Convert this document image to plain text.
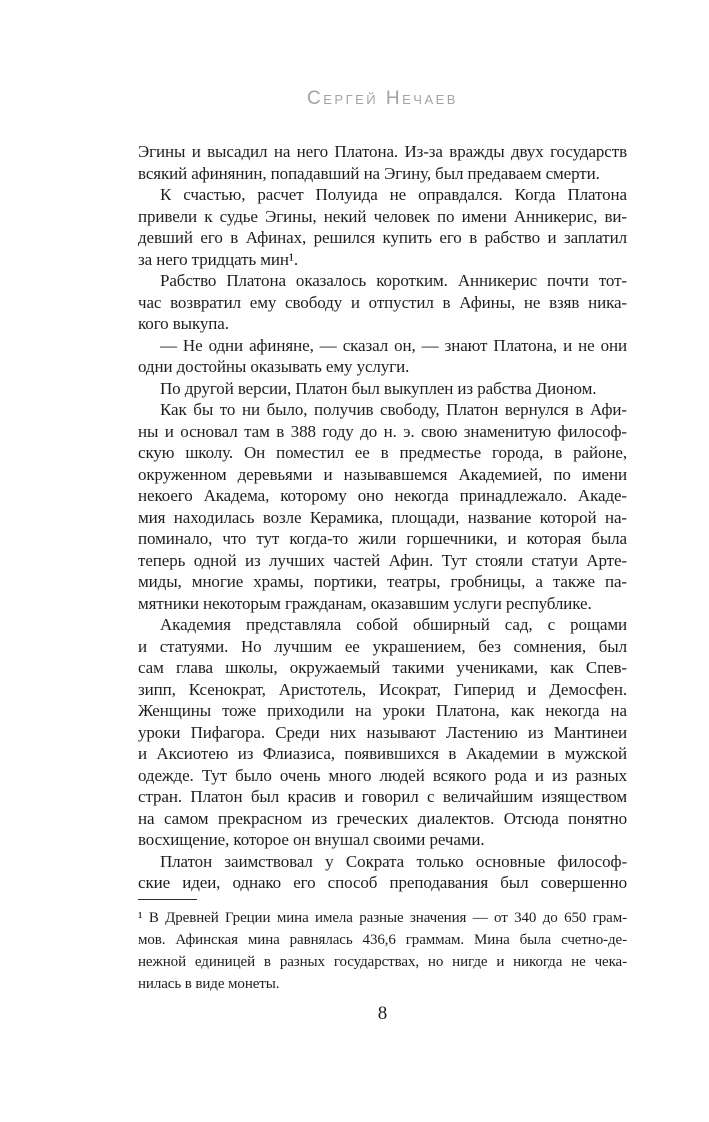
Сергей Нечаев
Эгины и высадил на него Платона. Из-за вражды двух государств
всякий афинянин, попадавший на Эгину, был предаваем смерти.
К счастью, расчет Полуида не оправдался. Когда Платона
привели к судье Эгины, некий человек по имени Анникерис, ви-
девший его в Афинах, решился купить его в рабство и заплатил
за него тридцать мин¹.
Рабство Платона оказалось коротким. Анникерис почти тот-
час возвратил ему свободу и отпустил в Афины, не взяв ника-
кого выкупа.
— Не одни афиняне, — сказал он, — знают Платона, и не они
одни достойны оказывать ему услуги.
По другой версии, Платон был выкуплен из рабства Дионом.
Как бы то ни было, получив свободу, Платон вернулся в Афи-
ны и основал там в 388 году до н. э. свою знаменитую философ-
скую школу. Он поместил ее в предместье города, в районе,
окруженном деревьями и называвшемся Академией, по имени
некоего Академа, которому оно некогда принадлежало. Акаде-
мия находилась возле Керамика, площади, название которой на-
поминало, что тут когда-то жили горшечники, и которая была
теперь одной из лучших частей Афин. Тут стояли статуи Арте-
миды, многие храмы, портики, театры, гробницы, а также па-
мятники некоторым гражданам, оказавшим услуги республике.
Академия представляла собой обширный сад, с рощами
и статуями. Но лучшим ее украшением, без сомнения, был
сам глава школы, окружаемый такими учениками, как Спев-
зипп, Ксенократ, Аристотель, Исократ, Гиперид и Демосфен.
Женщины тоже приходили на уроки Платона, как некогда на
уроки Пифагора. Среди них называют Ластению из Мантинеи
и Аксиотею из Флиазиса, появившихся в Академии в мужской
одежде. Тут было очень много людей всякого рода и из разных
стран. Платон был красив и говорил с величайшим изяществом
на самом прекрасном из греческих диалектов. Отсюда понятно
восхищение, которое он внушал своими речами.
Платон заимствовал у Сократа только основные философ-
ские идеи, однако его способ преподавания был совершенно
¹ В Древней Греции мина имела разные значения — от 340 до 650 грам-
мов. Афинская мина равнялась 436,6 граммам. Мина была счетно-де-
нежной единицей в разных государствах, но нигде и никогда не чека-
нилась в виде монеты.
8
